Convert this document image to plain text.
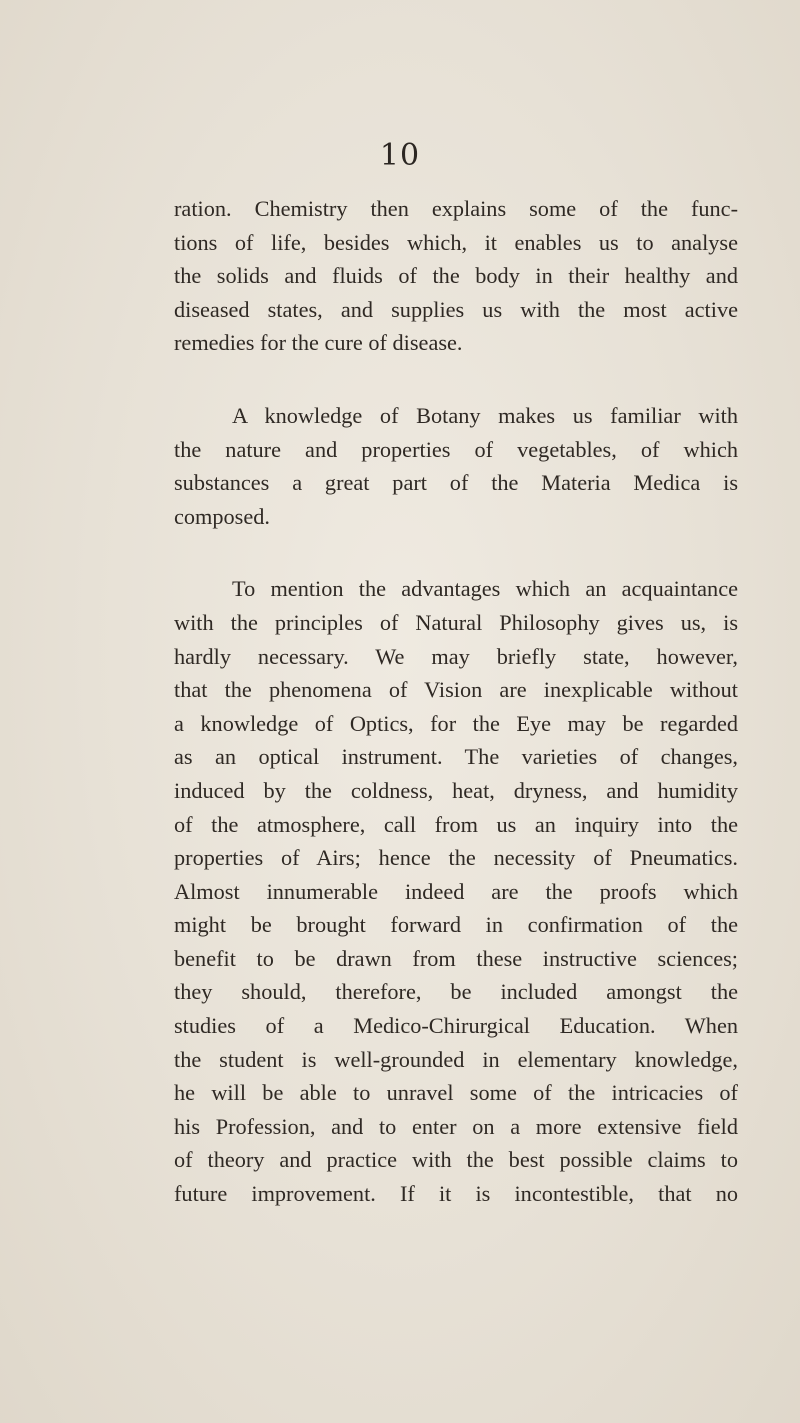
10
ration. Chemistry then explains some of the func-
tions of life, besides which, it enables us to analyse
the solids and fluids of the body in their healthy and
diseased states, and supplies us with the most active
remedies for the cure of disease.
A knowledge of Botany makes us familiar with
the nature and properties of vegetables, of which
substances a great part of the Materia Medica is
composed.
To mention the advantages which an acquaintance
with the principles of Natural Philosophy gives us, is
hardly necessary. We may briefly state, however,
that the phenomena of Vision are inexplicable without
a knowledge of Optics, for the Eye may be regarded
as an optical instrument. The varieties of changes,
induced by the coldness, heat, dryness, and humidity
of the atmosphere, call from us an inquiry into the
properties of Airs; hence the necessity of Pneumatics.
Almost innumerable indeed are the proofs which
might be brought forward in confirmation of the
benefit to be drawn from these instructive sciences;
they should, therefore, be included amongst the
studies of a Medico-Chirurgical Education. When
the student is well-grounded in elementary knowledge,
he will be able to unravel some of the intricacies of
his Profession, and to enter on a more extensive field
of theory and practice with the best possible claims to
future improvement. If it is incontestible, that no
